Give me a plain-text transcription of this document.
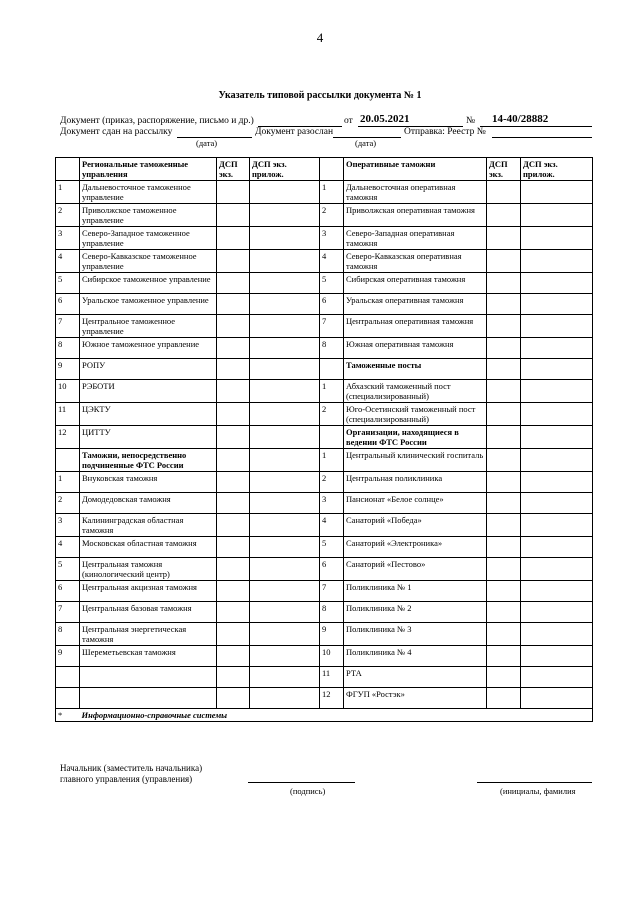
4
Указатель типовой рассылки документа № 1
Документ (приказ, распоряжение, письмо и др.)	от 20.05.2021	№ 14-40/28882
Документ сдан на рассылку	Документ разослан	Отправка: Реестр №
(дата)	(дата)
	Региональные таможенные управления	ДСП экз.	ДСП экз. прилож.		Оперативные таможни	ДСП экз.	ДСП экз. прилож.
1	Дальневосточное таможенное управление			1	Дальневосточная оперативная таможня		
2	Приволжское таможенное управление			2	Приволжская оперативная таможня		
3	Северо-Западное таможенное управление			3	Северо-Западная оперативная таможня		
4	Северо-Кавказское таможенное управление			4	Северо-Кавказская оперативная таможня		
5	Сибирское таможенное управление			5	Сибирская оперативная таможня		
6	Уральское таможенное управление			6	Уральская оперативная таможня		
7	Центральное таможенное управление			7	Центральная оперативная таможня		
8	Южное таможенное управление			8	Южная оперативная таможня		
9	РОПУ				Таможенные посты		
10	РЭБОТИ			1	Абхазский таможенный пост (специализированный)		
11	ЦЭКТУ			2	Юго-Осетинский таможенный пост (специализированный)		
12	ЦИТТУ				Организации, находящиеся в ведении ФТС России		
	Таможни, непосредственно подчиненные ФТС России			1	Центральный клинический госпиталь		
1	Внуковская таможня			2	Центральная поликлиника		
2	Домодедовская таможня			3	Пансионат «Белое солнце»		
3	Калининградская областная таможня			4	Санаторий «Победа»		
4	Московская областная таможня			5	Санаторий «Электроника»		
5	Центральная таможня (кинологический центр)			6	Санаторий «Пестово»		
6	Центральная акцизная таможня			7	Поликлиника № 1		
7	Центральная базовая таможня			8	Поликлиника № 2		
8	Центральная энергетическая таможня			9	Поликлиника № 3		
9	Шереметьевская таможня			10	Поликлиника № 4		
				11	РТА		
				12	ФГУП «Ростэк»		
*	Информационно-справочные системы						
Начальник (заместитель начальника)
главного управления (управления)
(подпись)	(инициалы, фамилия
